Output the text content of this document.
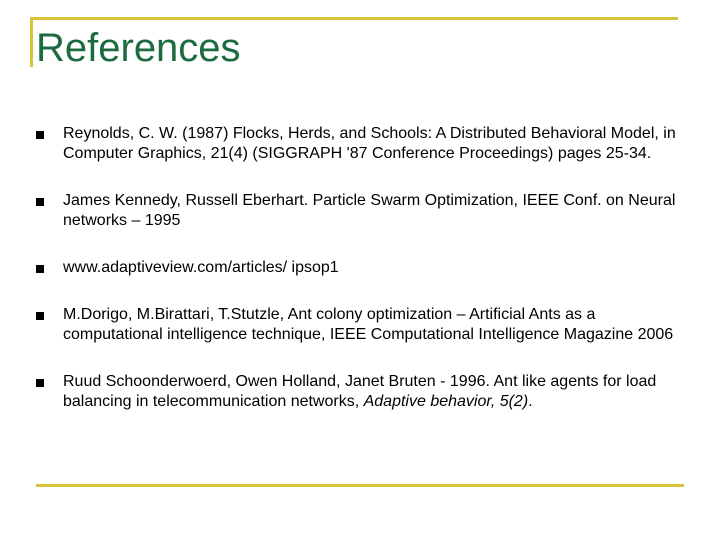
References
Reynolds, C. W. (1987) Flocks, Herds, and Schools: A Distributed Behavioral Model, in Computer Graphics, 21(4) (SIGGRAPH '87 Conference Proceedings) pages 25-34.
James Kennedy, Russell Eberhart. Particle Swarm Optimization, IEEE Conf. on Neural networks – 1995
www.adaptiveview.com/articles/ ipsop1
M.Dorigo, M.Birattari, T.Stutzle, Ant colony optimization – Artificial Ants as a computational intelligence technique, IEEE Computational Intelligence Magazine 2006
Ruud Schoonderwoerd, Owen Holland, Janet Bruten - 1996. Ant like agents for load balancing in telecommunication networks, Adaptive behavior, 5(2).
